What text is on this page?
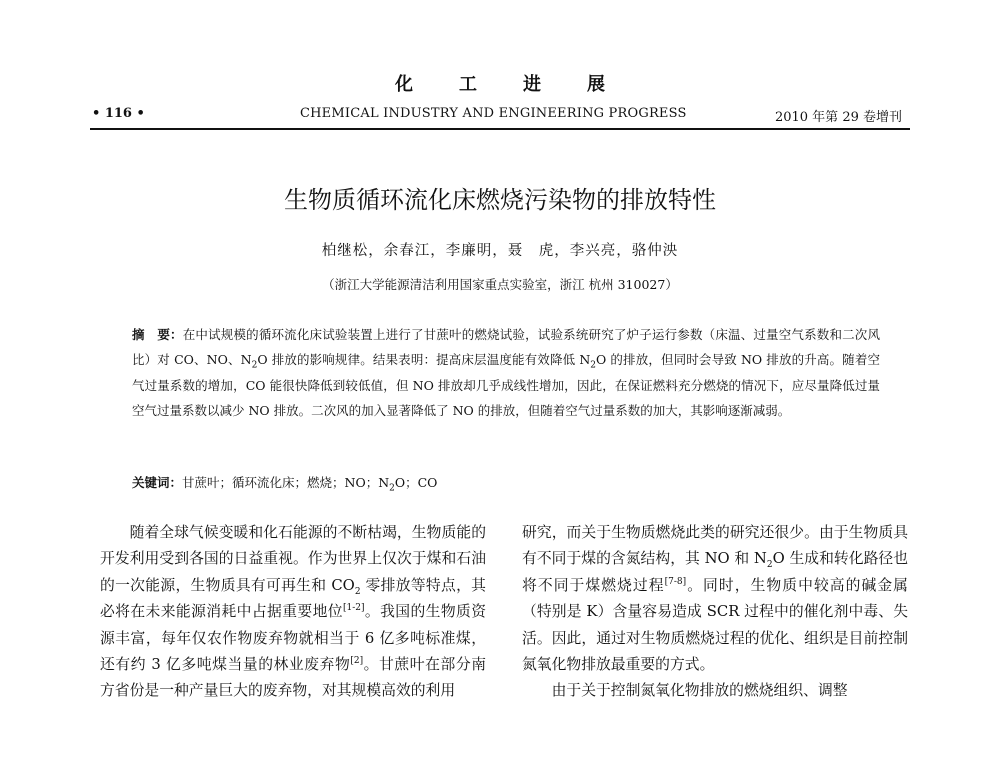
化工进展
• 116 •	CHEMICAL INDUSTRY AND ENGINEERING PROGRESS	2010 年第 29 卷增刊
生物质循环流化床燃烧污染物的排放特性
柏继松，余春江，李廉明，聂　虎，李兴亮，骆仲泱
（浙江大学能源清洁利用国家重点实验室，浙江 杭州 310027）
摘　要：在中试规模的循环流化床试验装置上进行了甘蔗叶的燃烧试验，试验系统研究了炉子运行参数（床温、过量空气系数和二次风比）对 CO、NO、$N_2O$ 排放的影响规律。结果表明：提高床层温度能有效降低 $N_2O$ 的排放，但同时会导致 NO 排放的升高。随着空气过量系数的增加，CO 能很快降低到较低值，但 NO 排放却几乎成线性增加，因此，在保证燃料充分燃烧的情况下，应尽量降低过量空气过量系数以减少 NO 排放。二次风的加入显著降低了 NO 的排放，但随着空气过量系数的加大，其影响逐渐减弱。
关键词：甘蔗叶；循环流化床；燃烧；NO；$N_2O$；CO

随着全球气候变暖和化石能源的不断枯竭，生物质能的开发利用受到各国的日益重视。作为世界上仅次于煤和石油的一次能源，生物质具有可再生和 $CO_2$ 零排放等特点，其必将在未来能源消耗中占据重要地位[1-2]。我国的生物质资源丰富，每年仅农作物废弃物就相当于 6 亿多吨标准煤，还有约 3 亿多吨煤当量的林业废弃物[2]。甘蔗叶在部分南方省份是一种产量巨大的废弃物，对其规模高效的利用

研究，而关于生物质燃烧此类的研究还很少。由于生物质具有不同于煤的含氮结构，其 NO 和 $N_2O$ 生成和转化路径也将不同于煤燃烧过程[7-8]。同时，生物质中较高的碱金属（特别是 K）含量容易造成 SCR 过程中的催化剂中毒、失活。因此，通过对生物质燃烧过程的优化、组织是目前控制氮氧化物排放最重要的方式。

由于关于控制氮氧化物排放的燃烧组织、调整
